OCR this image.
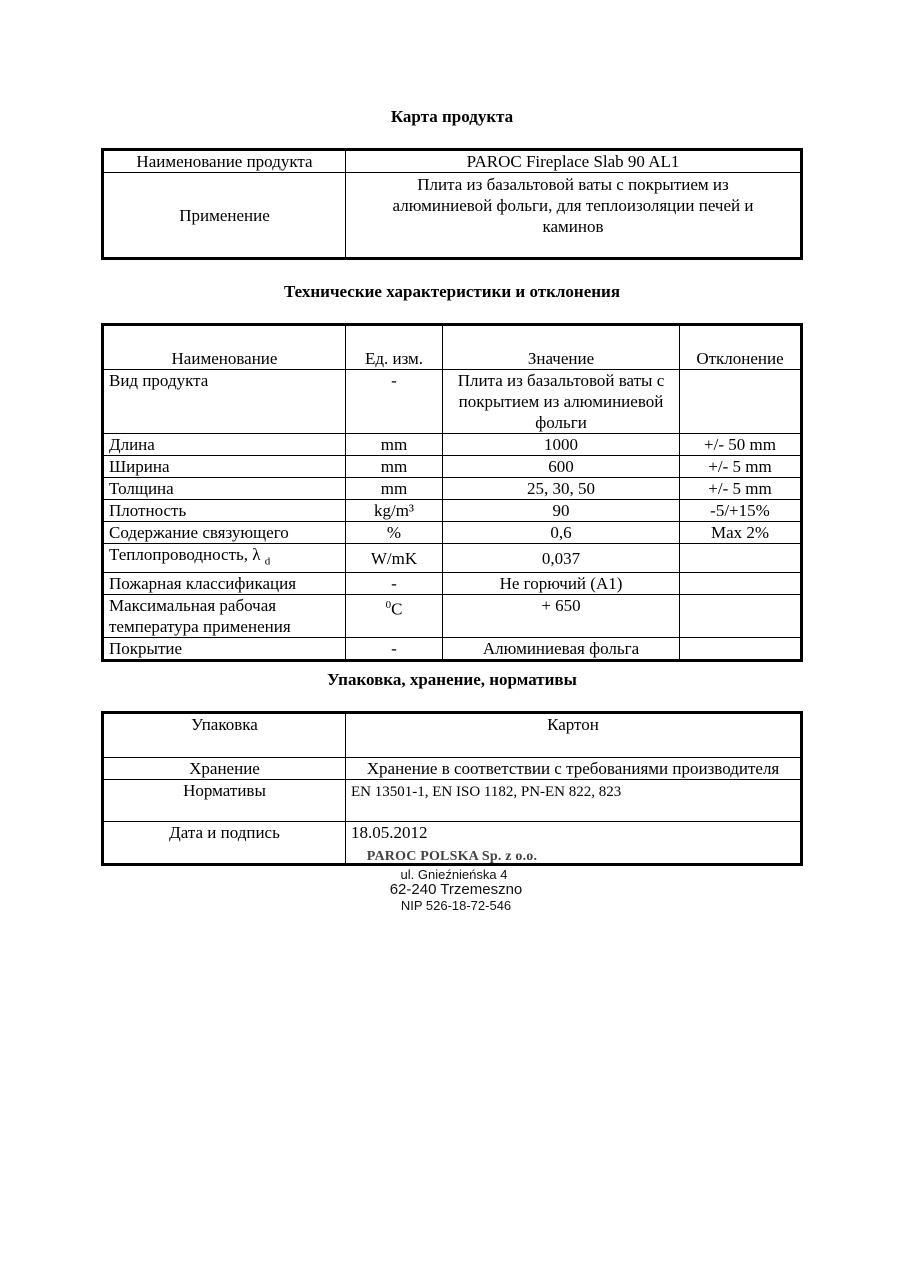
Карта продукта
Наименование продукта	PAROC Fireplace Slab 90 AL1
Применение	Плита из базальтовой ваты с покрытием из алюминиевой фольги, для теплоизоляции печей и каминов
Технические характеристики и отклонения
Наименование	Ед. изм.	Значение	Отклонение
Вид продукта	-	Плита из базальтовой ваты с покрытием из алюминиевой фольги	
Длина	mm	1000	+/- 50 mm
Ширина	mm	600	+/- 5 mm
Толщина	mm	25, 30, 50	+/- 5 mm
Плотность	kg/m³	90	-5/+15%
Содержание связующего	%	0,6	Max 2%
Теплопроводность, λ $_d$	W/mK	0,037	
Пожарная классификация	-	Не горючий (А1)	
Максимальная рабочая температура применения	$^0$C	+ 650	
Покрытие	-	Алюминиевая фольга	
Упаковка, хранение, нормативы
Упаковка	Картон
Хранение	Хранение в соответствии с требованиями производителя
Нормативы	EN 13501-1, EN ISO 1182, PN-EN 822, 823
Дата и подпись	18.05.2012
PAROC POLSKA Sp. z o.o.
ul. Gnieźnieńska 4
62-240 Trzemeszno
NIP 526-18-72-546
